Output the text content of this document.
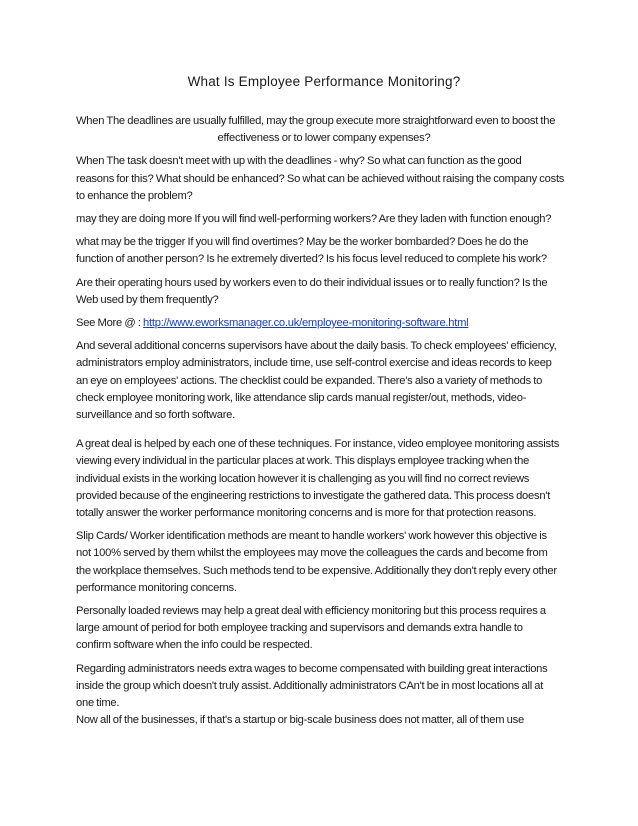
What Is Employee Performance Monitoring?
When The deadlines are usually fulfilled, may the group execute more straightforward even to boost the
effectiveness or to lower company expenses?
When The task doesn't meet with up with the deadlines - why? So what can function as the good
reasons for this? What should be enhanced? So what can be achieved without raising the company costs
to enhance the problem?
may they are doing more If you will find well-performing workers? Are they laden with function enough?
what may be the trigger If you will find overtimes? May be the worker bombarded? Does he do the
function of another person? Is he extremely diverted? Is his focus level reduced to complete his work?
Are their operating hours used by workers even to do their individual issues or to really function? Is the
Web used by them frequently?
See More @ : http://www.eworksmanager.co.uk/employee-monitoring-software.html
And several additional concerns supervisors have about the daily basis. To check employees' efficiency,
administrators employ administrators, include time, use self-control exercise and ideas records to keep
an eye on employees' actions. The checklist could be expanded. There's also a variety of methods to
check employee monitoring work, like attendance slip cards manual register/out, methods, video-
surveillance and so forth software.
A great deal is helped by each one of these techniques. For instance, video employee monitoring assists
viewing every individual in the particular places at work. This displays employee tracking when the
individual exists in the working location however it is challenging as you will find no correct reviews
provided because of the engineering restrictions to investigate the gathered data. This process doesn't
totally answer the worker performance monitoring concerns and is more for that protection reasons.
Slip Cards/ Worker identification methods are meant to handle workers' work however this objective is
not 100% served by them whilst the employees may move the colleagues the cards and become from
the workplace themselves. Such methods tend to be expensive. Additionally they don't reply every other
performance monitoring concerns.
Personally loaded reviews may help a great deal with efficiency monitoring but this process requires a
large amount of period for both employee tracking and supervisors and demands extra handle to
confirm software when the info could be respected.
Regarding administrators needs extra wages to become compensated with building great interactions
inside the group which doesn't truly assist. Additionally administrators CAn't be in most locations all at
one time.
Now all of the businesses, if that's a startup or big-scale business does not matter, all of them use
